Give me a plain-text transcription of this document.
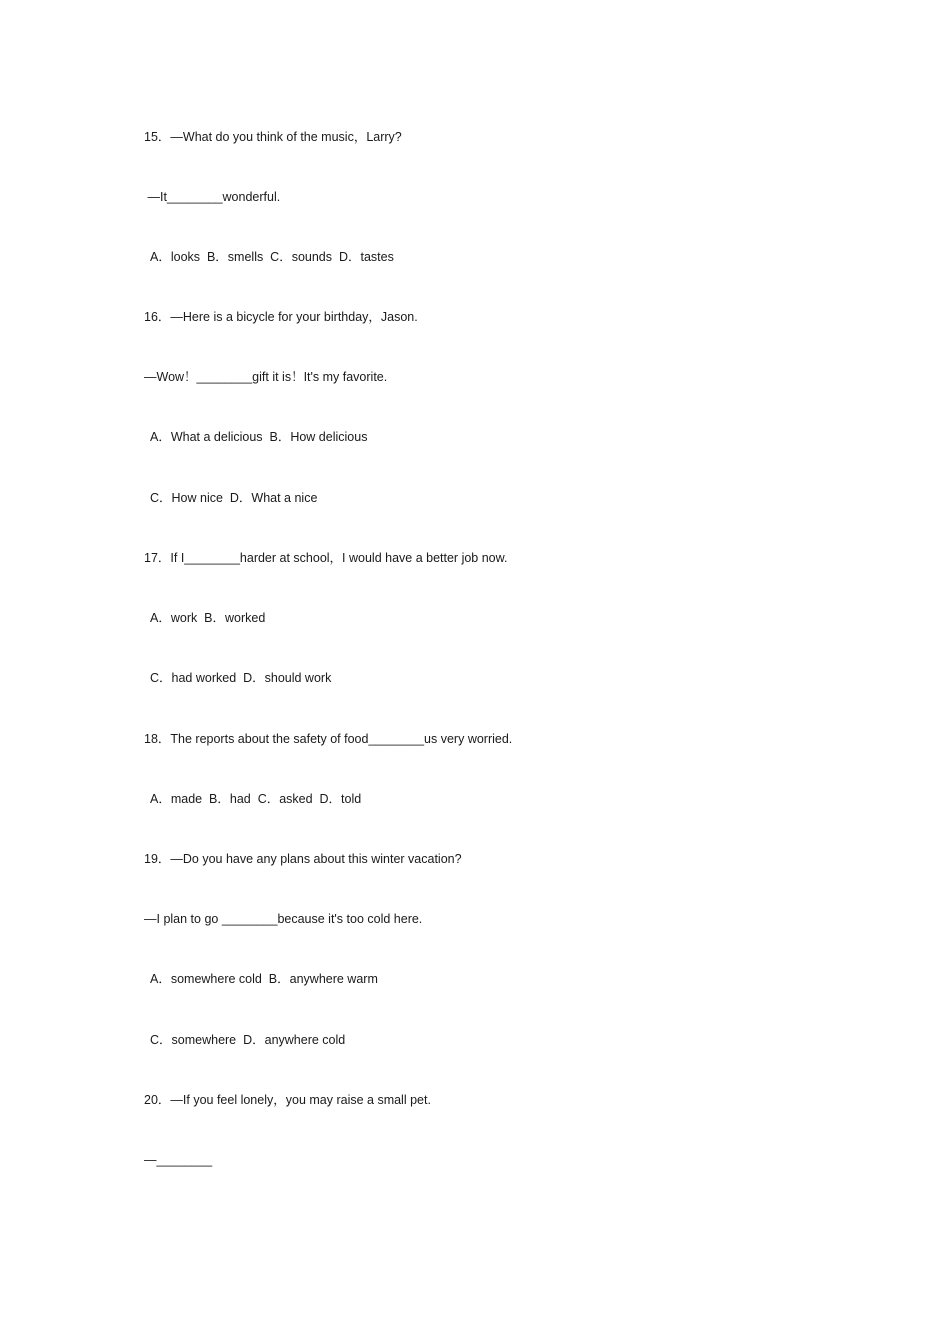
15．—What do you think of the music，Larry?
—It________wonderful.
A．looks  B．smells  C．sounds  D．tastes
16．—Here is a bicycle for your birthday，Jason.
—Wow！________gift it is！It's my favorite.
A．What a delicious  B．How delicious
C．How nice  D．What a nice
17．If I________harder at school，I would have a better job now.
A．work  B．worked
C．had worked  D．should work
18．The reports about the safety of food________us very worried.
A．made  B．had  C．asked  D．told
19．—Do you have any plans about this winter vacation?
—I plan to go ________because it's too cold here.
A．somewhere cold  B．anywhere warm
C．somewhere  D．anywhere cold
20．—If you feel lonely，you may raise a small pet.
—________
